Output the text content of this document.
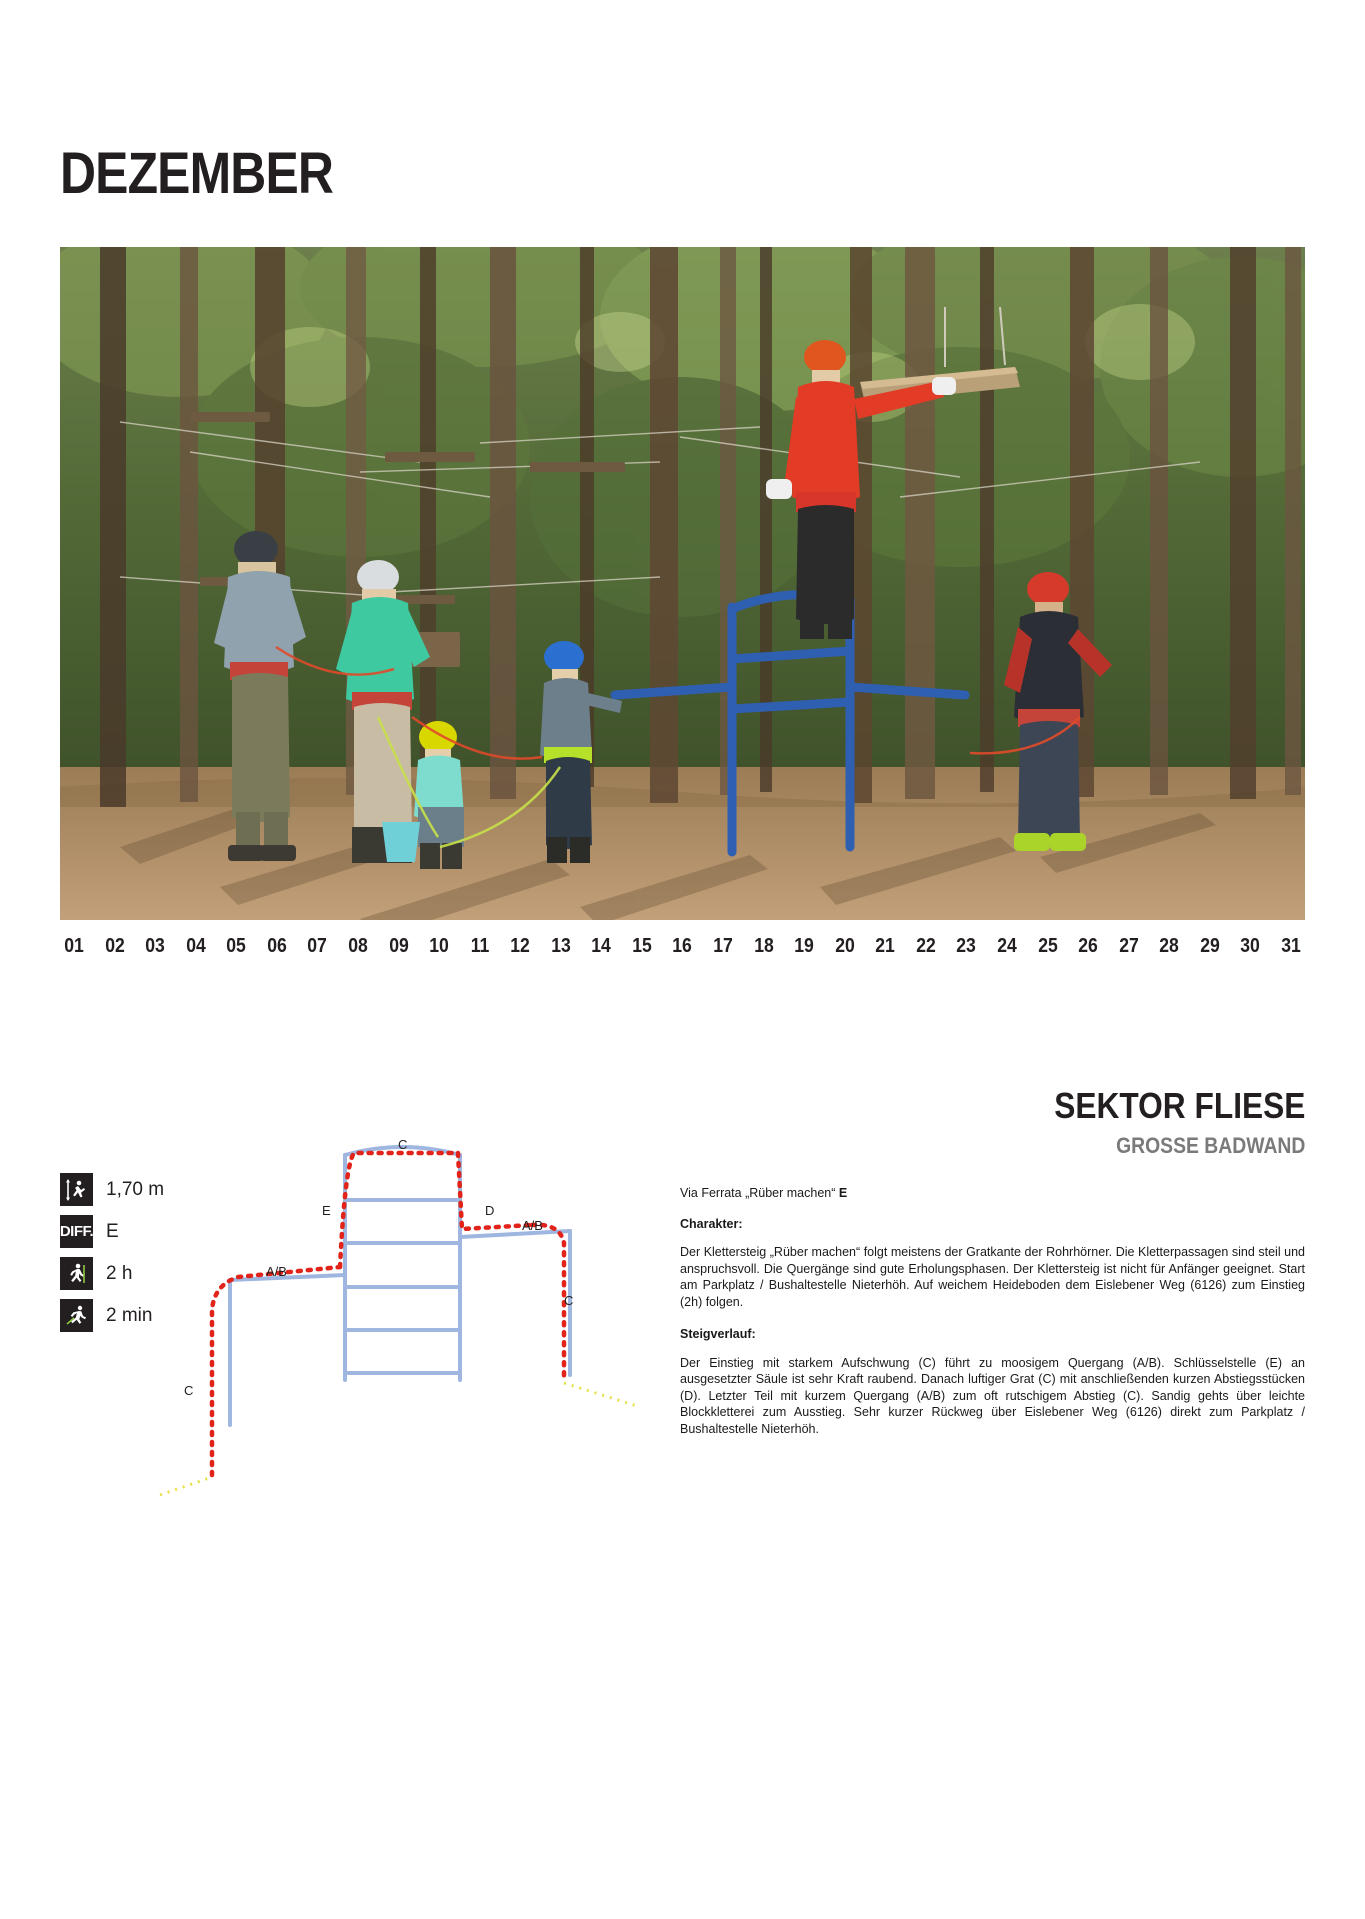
DEZEMBER
01 02 03 04 05 06 07 08 09 10 11 12 13 14 15 16 17 18 19 20 21 22 23 24 25 26 27 28 29 30 31
SEKTOR FLIESE
GROSSE BADWAND
Via Ferrata „Rüber machen“ E
Charakter:

Der Klettersteig „Rüber machen“ folgt meistens der Gratkante der Rohrhörner. Die Kletterpassagen sind steil und anspruchsvoll. Die Quergänge sind gute Erholungsphasen. Der Klettersteig ist nicht für Anfänger geeignet. Start am Parkplatz / Bushaltestelle Nieterhöh. Auf weichem Heideboden dem Eislebener Weg (6126) zum Einstieg (2h) folgen.

Steigverlauf:

Der Einstieg mit starkem Aufschwung (C) führt zu moosigem Quergang (A/B). Schlüsselstelle (E) an ausgesetzter Säule ist sehr Kraft raubend. Danach luftiger Grat (C) mit anschließenden kurzen Abstiegsstücken (D). Letzter Teil mit kurzem Quergang (A/B) zum oft rutschigem Abstieg (C). Sandig gehts über leichte Blockkletterei zum Ausstieg. Sehr kurzer Rückweg über Eislebener Weg (6126) direkt zum Parkplatz / Bushaltestelle Nieterhöh.

1,70 m
DIFF. E
2 h
2 min
C
E	D
A/B
A/B
C
C
